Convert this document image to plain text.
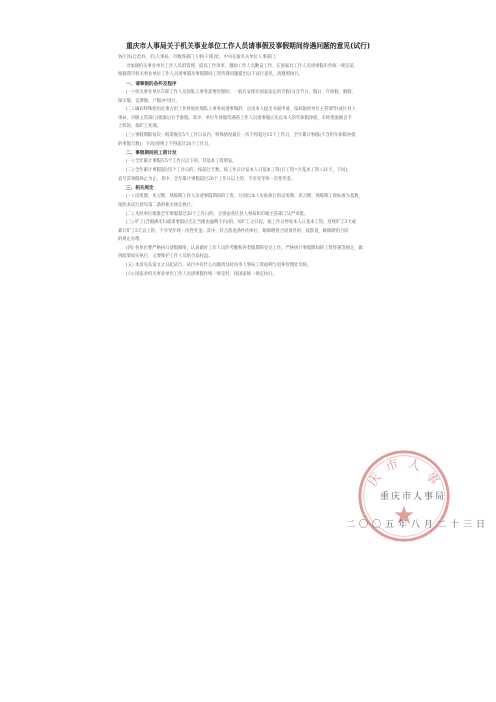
重庆市人事局关于机关事业单位工作人员请事假及事假期间待遇问题的意见(试行)
各区县(自治县、市)人事局，市级各部门人事(干部)处，中央在渝有关单位人事部门：
为加强机关事业单位工作人员的管理，提高工作效率，激励工作人员勤奋工作，在国家对工作人员请事假未作统一规定前，
根据我市机关事业单位工作人员请事假及事假期间工资待遇问题提出以下试行意见，请遵照执行。
一、请事假的条件及程序
(一) 机关事业单位在职工作人员因私人事务需要处理的，一般应安排在国家法定的节假日(含节日、假日、年休假、婚假、
探亲假、丧葬假、产假)中进行。
(二) 确有特殊原因必须占用工作时间处理私人事务而请事假的，应由本人提出书面申请，按权限经单位主管领导(或区县人
事局、市级主管部门)批准后方予准假。其中，单位年休假待遇的工作人员请事假应先以本人的年休假冲抵，未经批准擅自不
上班的，按旷工处理。
(三) 事假期限每次一般掌握在5个工作日以内，特殊情况最长一次不得超过15个工作日，全年累计事假(不含用年休假冲抵
的事假天数)，下同)原则上不得超过20个工作日。
二、事假期间的工资计发
(一) 全年累计事假在5个工作日以下的，其基本工资照发。
(二) 全年累计事假超过5个工作日的，按超过天数，按工作日计发本人日基本工资(日工资=月基本工资÷21天，下同)，
直至其事假终止为止。其中，全年累计事假超过20个工作日以上的，不享受年终一次性奖金。
三、相关规定
(一) 试用期、见习期、熟练期工作人员请事假期间的工资，分别以本人实际执行的试用期、见习期、熟练期工资标准为基数，
按照本试行意见第二条的相关规定执行。
(二) 凡经单位批准全年事假超过20个工作日的，分别由各区县人事局和市级主管部门从严审批。
(三) 旷工(含假满未归或请事假后无正当理由逾期不归)的，从旷工之日起，按工作日停发本人日基本工资，连续旷工3天或
累计旷工5天以上的，不享受年终一次性奖金。其中，符合辞退条件的单位，解除聘用合同条件的，按辞退、解除聘用合同
的规定办理。
(四) 各单位要严格执行请假制度，认真做好工作人员的考勤和各类假期的登记工作，严格执行事假期间的工资待遇等规定，做
到政策如实执行，又要维护工作人员的合法权益。
(五) 本意见从发文之日起试行，试行中有什么问题请及时向市人事局工资福利与退休管理处反映。
(六) 国家对机关事业单位工作人员请事假作统一规定时，按国家统一规定执行。
庆 市 人 事
重庆市人事局
二〇〇五年八月二十三日
